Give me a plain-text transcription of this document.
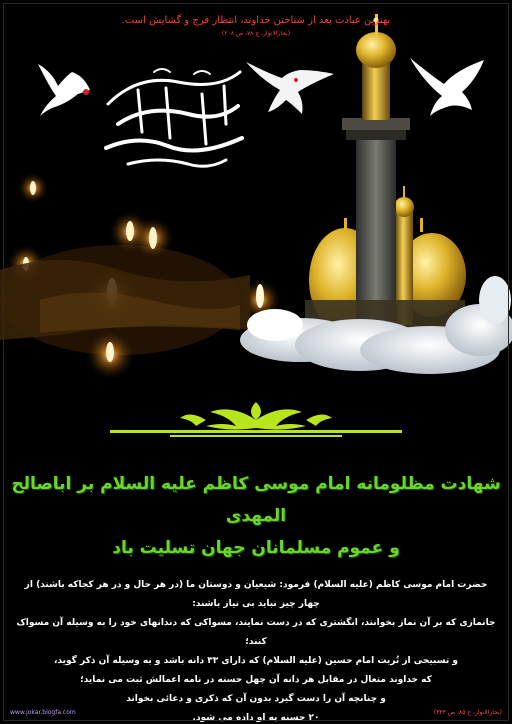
بهترین عبادت بعد از شناختن خداوند، انتظار فرج و گشایش است.
(بحارالانوار، ج ۷۸، ص ۲۰۸)
شهادت مظلومانه امام موسی کاظم علیه السلام بر اباصالح المهدی
و عموم مسلمانان جهان تسلیت باد

حضرت امام موسی کاظم (علیه السلام) فرمود: شیعیان و دوستان ما (در هر حال و در هر کجاکه باشند) از چهار چیز نباید بی نیاز باشند:

جانمازی که بر آن نماز بخوانند، انگشتری که در دست نمایند، مسواکی که دندانهای خود را به وسیله آن مسواک کنند؛

و تسبیحی از تُربت امام حسین (علیه السلام) که دارای ۳۳ دانه باشد و به وسیله آن ذکر گوید،

که خداوند متعال در مقابل هر دانه آن چهل حسنه در نامه اعمالش ثبت می نماید؛

و چنانچه آن را دست گیرد بدون آن که ذکری و دعائی بخواند

۲۰ حسنه به او داده می شود.

www.jokar.blogfa.com	(بحارالانوار، ج ۸۵، ص ۳۳۳)
